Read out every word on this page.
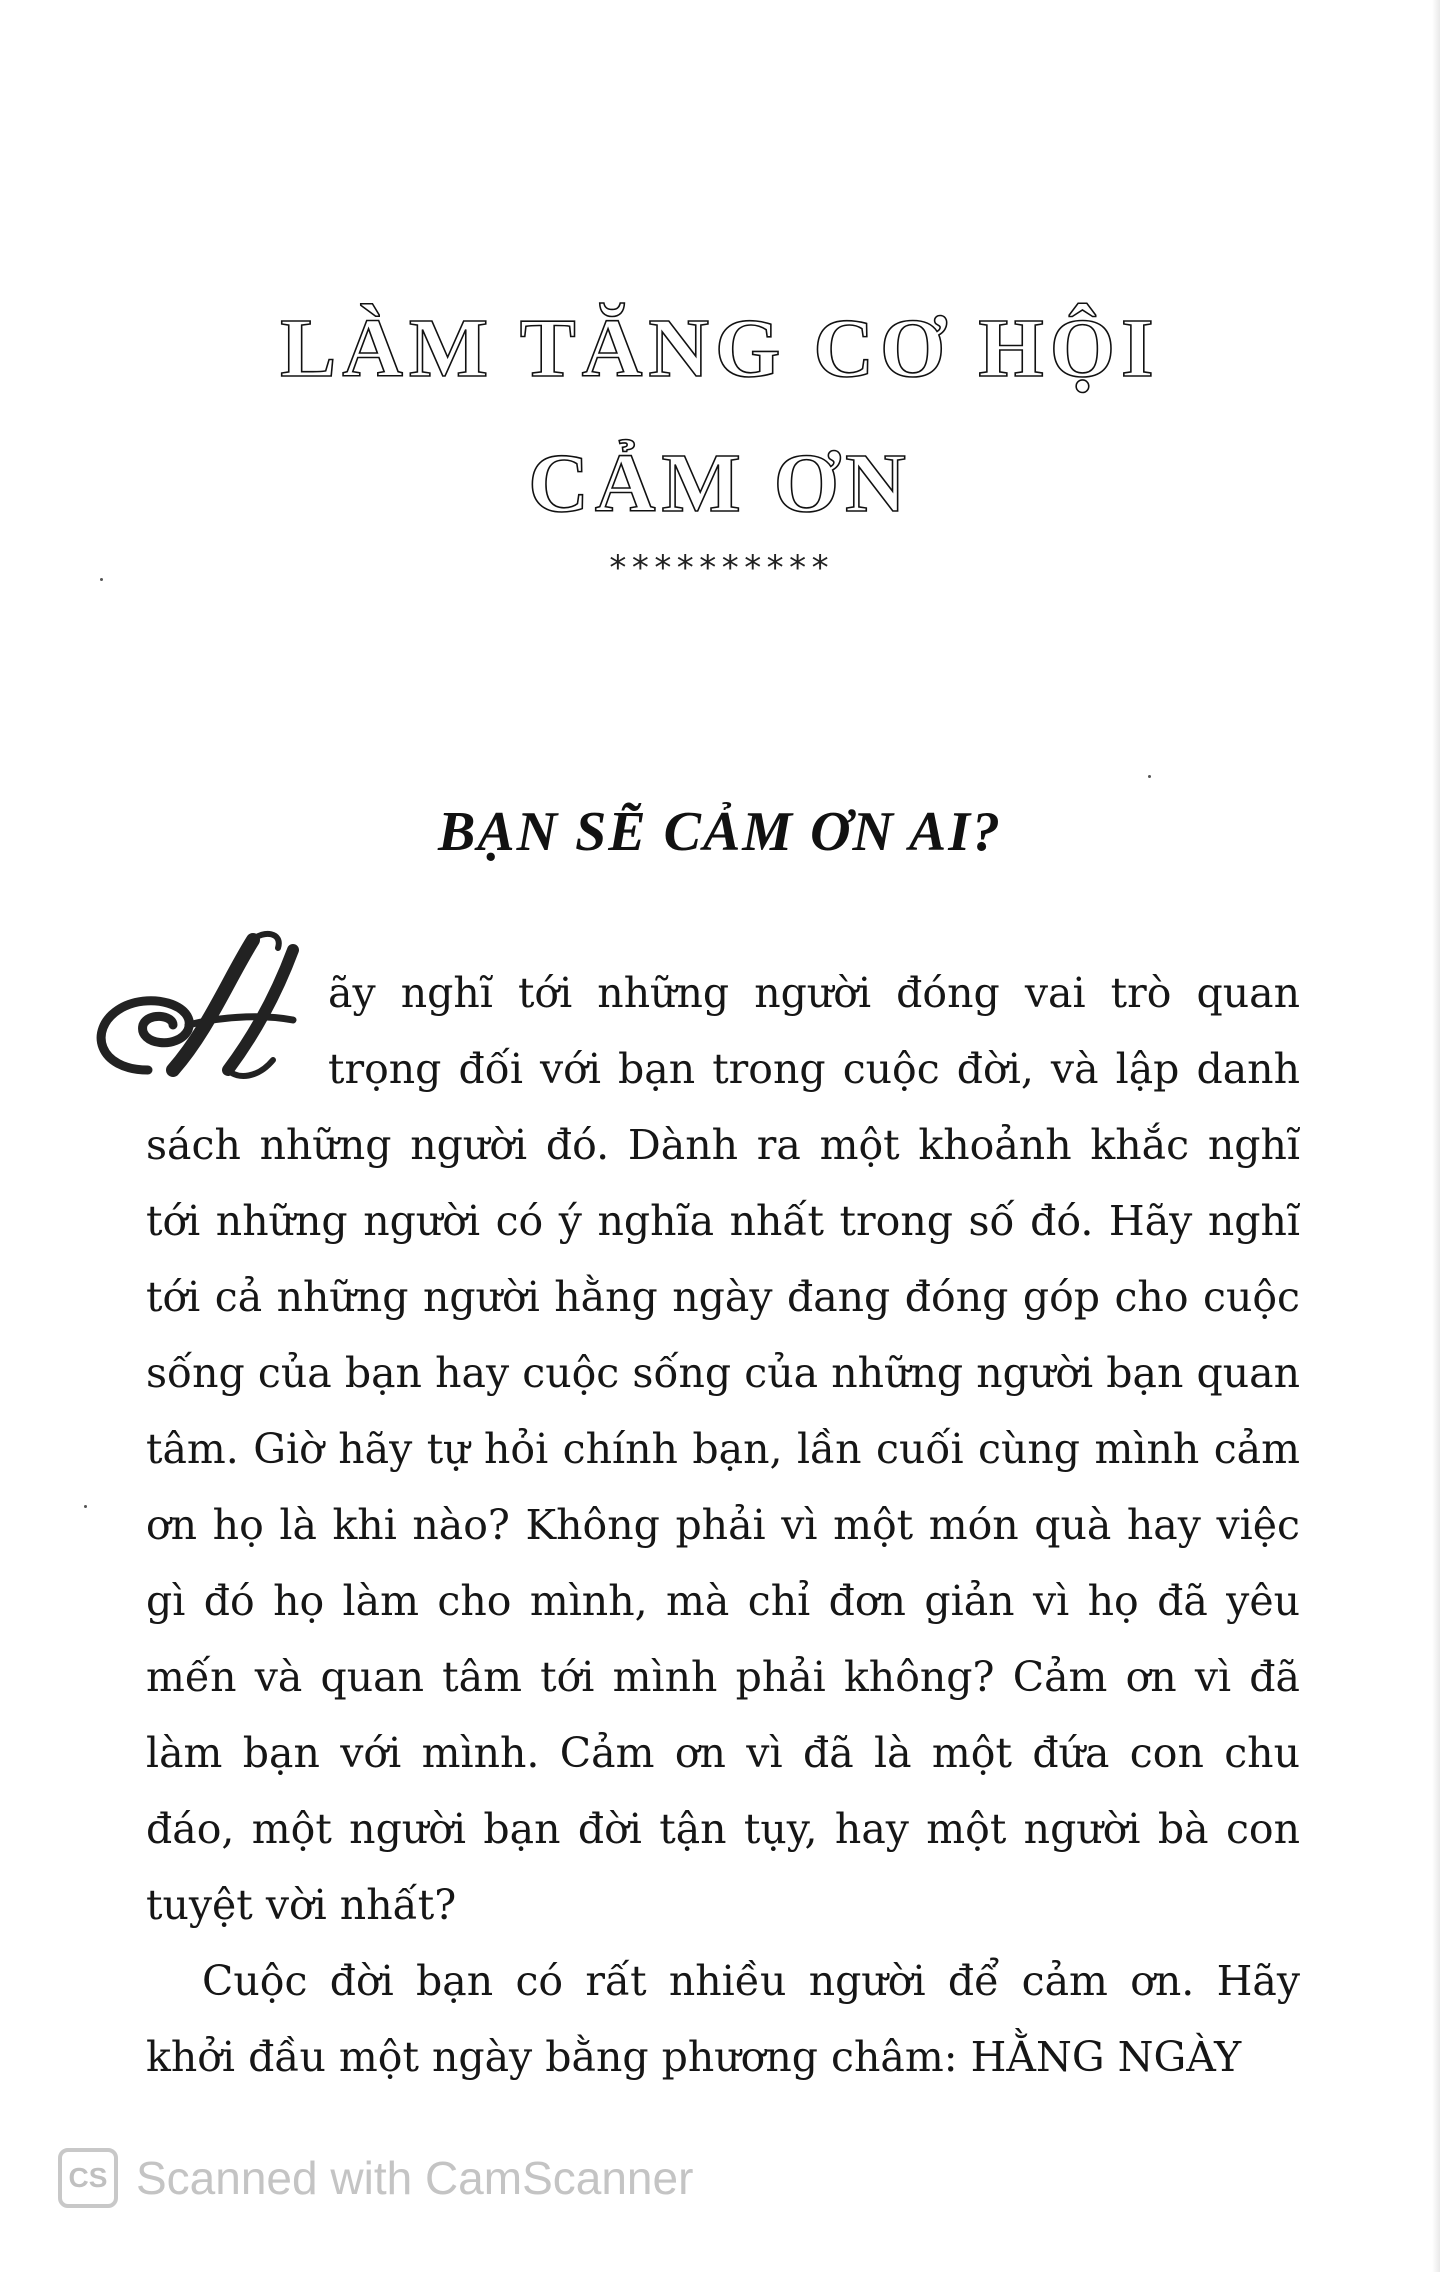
LÀM TĂNG CƠ HỘI
CẢM ƠN
**********
BẠN SẼ CẢM ƠN AI?

ãy nghĩ tới những người đóng vai trò quan trọng đối với bạn trong cuộc đời, và lập danh sách những người đó. Dành ra một khoảnh khắc nghĩ tới những người có ý nghĩa nhất trong số đó. Hãy nghĩ tới cả những người hằng ngày đang đóng góp cho cuộc sống của bạn hay cuộc sống của những người bạn quan tâm. Giờ hãy tự hỏi chính bạn, lần cuối cùng mình cảm ơn họ là khi nào? Không phải vì một món quà hay việc gì đó họ làm cho mình, mà chỉ đơn giản vì họ đã yêu mến và quan tâm tới mình phải không? Cảm ơn vì đã làm bạn với mình. Cảm ơn vì đã là một đứa con chu đáo, một người bạn đời tận tụy, hay một người bà con tuyệt vời nhất?

Cuộc đời bạn có rất nhiều người để cảm ơn. Hãy khởi đầu một ngày bằng phương châm: HẰNG NGÀY

CS Scanned with CamScanner
